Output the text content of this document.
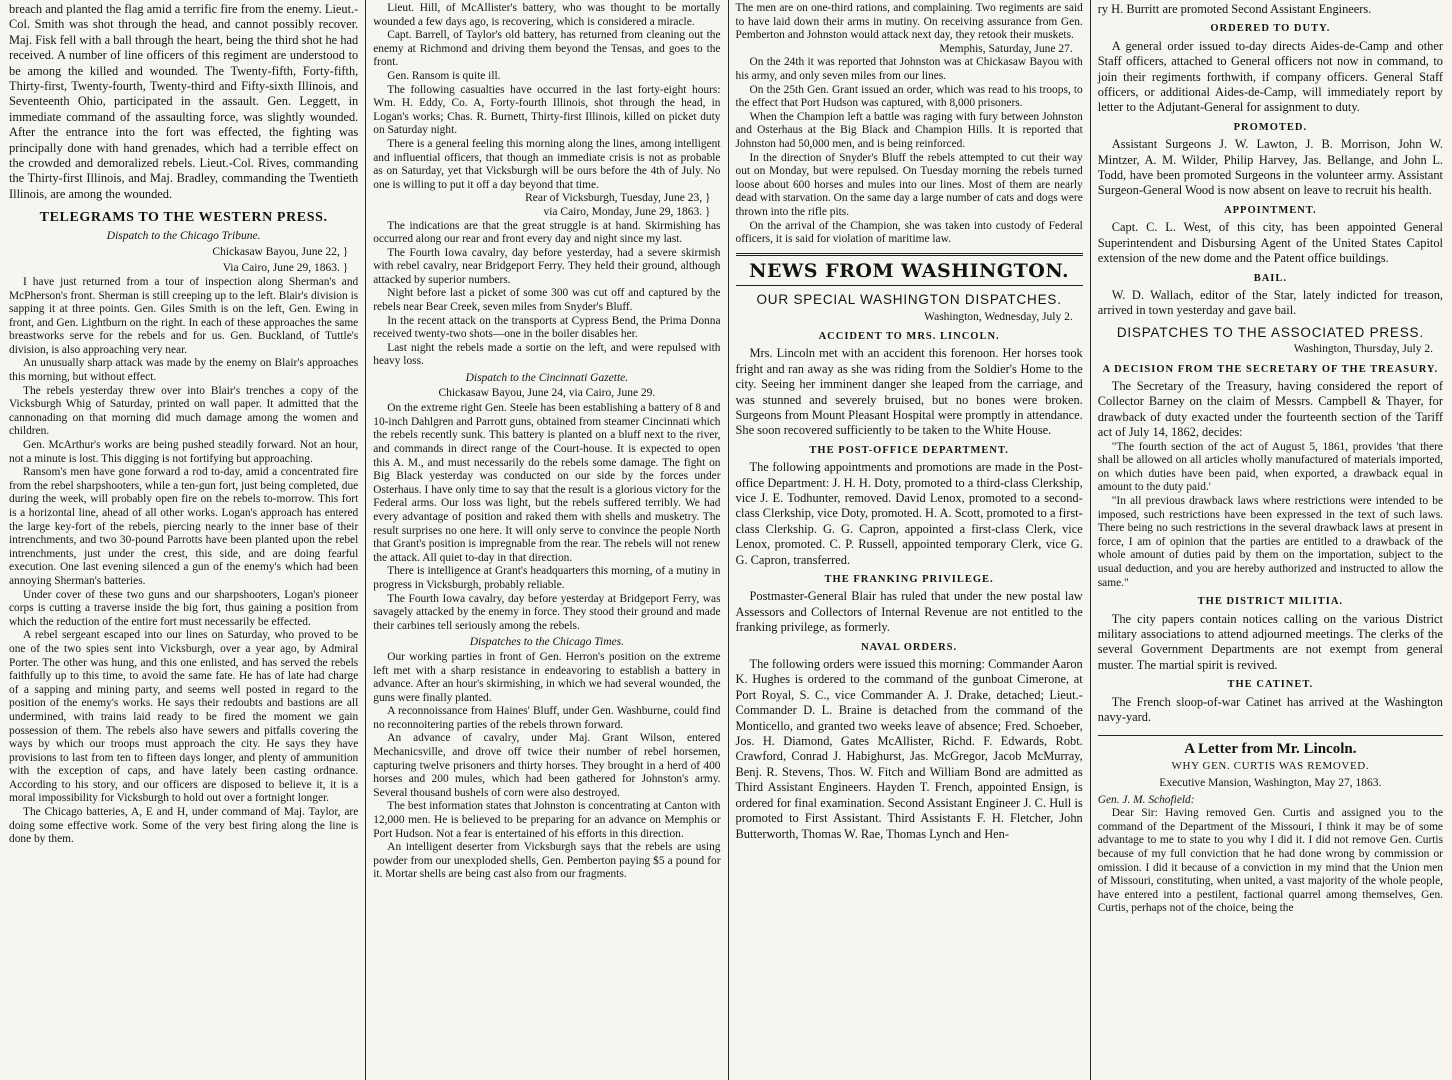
breach and planted the flag amid a terrific fire from the enemy. Lieut.-Col. Smith was shot through the head, and cannot possibly recover. Maj. Fisk fell with a ball through the heart, being the third shot he had received. A number of line officers of this regiment are understood to be among the killed and wounded. The Twenty-fifth, Forty-fifth, Thirty-first, Twenty-fourth, Twenty-third and Fifty-sixth Illinois, and Seventeenth Ohio, participated in the assault. Gen. Leggett, in immediate command of the assaulting force, was slightly wounded. After the entrance into the fort was effected, the fighting was principally done with hand grenades, which had a terrible effect on the crowded and demoralized rebels. Lieut.-Col. Rives, commanding the Thirty-first Illinois, and Maj. Bradley, commanding the Twentieth Illinois, are among the wounded.

TELEGRAMS TO THE WESTERN PRESS.
Dispatch to the Chicago Tribune.
Chickasaw Bayou, June 22, }
Via Cairo, June 29, 1863. }

I have just returned from a tour of inspection along Sherman's and McPherson's front. Sherman is still creeping up to the left. Blair's division is sapping it at three points. Gen. Giles Smith is on the left, Gen. Ewing in front, and Gen. Lightburn on the right. In each of these approaches the same breastworks serve for the rebels and for us. Gen. Buckland, of Tuttle's division, is also approaching very near.

An unusually sharp attack was made by the enemy on Blair's approaches this morning, but without effect.

The rebels yesterday threw over into Blair's trenches a copy of the Vicksburgh Whig of Saturday, printed on wall paper. It admitted that the cannonading on that morning did much damage among the women and children.

Gen. McArthur's works are being pushed steadily forward. Not an hour, not a minute is lost. This digging is not fortifying but approaching.

Ransom's men have gone forward a rod to-day, amid a concentrated fire from the rebel sharpshooters, while a ten-gun fort, just being completed, due during the week, will probably open fire on the rebels to-morrow. This fort is a horizontal line, ahead of all other works. Logan's approach has entered the large key-fort of the rebels, piercing nearly to the inner base of their intrenchments, and two 30-pound Parrotts have been planted upon the rebel intrenchments, just under the crest, this side, and are doing fearful execution. One last evening silenced a gun of the enemy's which had been annoying Sherman's batteries.

Under cover of these two guns and our sharpshooters, Logan's pioneer corps is cutting a traverse inside the big fort, thus gaining a position from which the reduction of the entire fort must necessarily be effected.

A rebel sergeant escaped into our lines on Saturday, who proved to be one of the two spies sent into Vicksburgh, over a year ago, by Admiral Porter. The other was hung, and this one enlisted, and has served the rebels faithfully up to this time, to avoid the same fate. He has of late had charge of a sapping and mining party, and seems well posted in regard to the position of the enemy's works. He says their redoubts and bastions are all undermined, with trains laid ready to be fired the moment we gain possession of them. The rebels also have sewers and pitfalls covering the ways by which our troops must approach the city. He says they have provisions to last from ten to fifteen days longer, and plenty of ammunition with the exception of caps, and have lately been casting ordnance. According to his story, and our officers are disposed to believe it, it is a moral impossibility for Vicksburgh to hold out over a fortnight longer.

The Chicago batteries, A, E and H, under command of Maj. Taylor, are doing some effective work. Some of the very best firing along the line is done by them.

Lieut. Hill, of McAllister's battery, who was thought to be mortally wounded a few days ago, is recovering, which is considered a miracle.

Capt. Barrell, of Taylor's old battery, has returned from cleaning out the enemy at Richmond and driving them beyond the Tensas, and goes to the front.

Gen. Ransom is quite ill.

The following casualties have occurred in the last forty-eight hours: Wm. H. Eddy, Co. A, Forty-fourth Illinois, shot through the head, in Logan's works; Chas. R. Burnett, Thirty-first Illinois, killed on picket duty on Saturday night.

There is a general feeling this morning along the lines, among intelligent and influential officers, that though an immediate crisis is not as probable as on Saturday, yet that Vicksburgh will be ours before the 4th of July. No one is willing to put it off a day beyond that time.

Rear of Vicksburgh, Tuesday, June 23, }
via Cairo, Monday, June 29, 1863. }

The indications are that the great struggle is at hand. Skirmishing has occurred along our rear and front every day and night since my last.

The Fourth Iowa cavalry, day before yesterday, had a severe skirmish with rebel cavalry, near Bridgeport Ferry. They held their ground, although attacked by superior numbers.

Night before last a picket of some 300 was cut off and captured by the rebels near Bear Creek, seven miles from Snyder's Bluff.

In the recent attack on the transports at Cypress Bend, the Prima Donna received twenty-two shots—one in the boiler disables her.

Last night the rebels made a sortie on the left, and were repulsed with heavy loss.

Dispatch to the Cincinnati Gazette.
Chickasaw Bayou, June 24, via Cairo, June 29.

On the extreme right Gen. Steele has been establishing a battery of 8 and 10-inch Dahlgren and Parrott guns, obtained from steamer Cincinnati which the rebels recently sunk. This battery is planted on a bluff next to the river, and commands in direct range of the Court-house. It is expected to open this A. M., and must necessarily do the rebels some damage. The fight on Big Black yesterday was conducted on our side by the forces under Osterhaus. I have only time to say that the result is a glorious victory for the Federal arms. Our loss was light, but the rebels suffered terribly. We had every advantage of position and raked them with shells and musketry. The result surprises no one here. It will only serve to convince the people North that Grant's position is impregnable from the rear. The rebels will not renew the attack. All quiet to-day in that direction.

There is intelligence at Grant's headquarters this morning, of a mutiny in progress in Vicksburgh, probably reliable.

The Fourth Iowa cavalry, day before yesterday at Bridgeport Ferry, was savagely attacked by the enemy in force. They stood their ground and made their carbines tell seriously among the rebels.

Dispatches to the Chicago Times.

Our working parties in front of Gen. Herron's position on the extreme left met with a sharp resistance in endeavoring to establish a battery in advance. After an hour's skirmishing, in which we had several wounded, the guns were finally planted.

A reconnoissance from Haines' Bluff, under Gen. Washburne, could find no reconnoitering parties of the rebels thrown forward.

An advance of cavalry, under Maj. Grant Wilson, entered Mechanicsville, and drove off twice their number of rebel horsemen, capturing twelve prisoners and thirty horses. They brought in a herd of 400 horses and 200 mules, which had been gathered for Johnston's army. Several thousand bushels of corn were also destroyed.

The best information states that Johnston is concentrating at Canton with 12,000 men. He is believed to be preparing for an advance on Memphis or Port Hudson. Not a fear is entertained of his efforts in this direction.

An intelligent deserter from Vicksburgh says that the rebels are using powder from our unexploded shells, Gen. Pemberton paying $5 a pound for it. Mortar shells are being cast also from our fragments.

The men are on one-third rations, and complaining. Two regiments are said to have laid down their arms in mutiny. On receiving assurance from Gen. Pemberton and Johnston would attack next day, they retook their muskets.

Memphis, Saturday, June 27.

On the 24th it was reported that Johnston was at Chickasaw Bayou with his army, and only seven miles from our lines.

On the 25th Gen. Grant issued an order, which was read to his troops, to the effect that Port Hudson was captured, with 8,000 prisoners.

When the Champion left a battle was raging with fury between Johnston and Osterhaus at the Big Black and Champion Hills. It is reported that Johnston had 50,000 men, and is being reinforced.

In the direction of Snyder's Bluff the rebels attempted to cut their way out on Monday, but were repulsed. On Tuesday morning the rebels turned loose about 600 horses and mules into our lines. Most of them are nearly dead with starvation. On the same day a large number of cats and dogs were thrown into the rifle pits.

On the arrival of the Champion, she was taken into custody of Federal officers, it is said for violation of maritime law.

NEWS FROM WASHINGTON.
OUR SPECIAL WASHINGTON DISPATCHES.
Washington, Wednesday, July 2.
ACCIDENT TO MRS. LINCOLN.

Mrs. Lincoln met with an accident this forenoon. Her horses took fright and ran away as she was riding from the Soldier's Home to the city. Seeing her imminent danger she leaped from the carriage, and was stunned and severely bruised, but no bones were broken. Surgeons from Mount Pleasant Hospital were promptly in attendance. She soon recovered sufficiently to be taken to the White House.

THE POST-OFFICE DEPARTMENT.

The following appointments and promotions are made in the Post-office Department: J. H. H. Doty, promoted to a third-class Clerkship, vice J. E. Todhunter, removed. David Lenox, promoted to a second-class Clerkship, vice Doty, promoted. H. A. Scott, promoted to a first-class Clerkship. G. G. Capron, appointed a first-class Clerk, vice Lenox, promoted. C. P. Russell, appointed temporary Clerk, vice G. G. Capron, transferred.

THE FRANKING PRIVILEGE.

Postmaster-General Blair has ruled that under the new postal law Assessors and Collectors of Internal Revenue are not entitled to the franking privilege, as formerly.

NAVAL ORDERS.

The following orders were issued this morning: Commander Aaron K. Hughes is ordered to the command of the gunboat Cimerone, at Port Royal, S. C., vice Commander A. J. Drake, detached; Lieut.-Commander D. L. Braine is detached from the command of the Monticello, and granted two weeks leave of absence; Fred. Schoeber, Jos. H. Diamond, Gates McAllister, Richd. F. Edwards, Robt. Crawford, Conrad J. Habighurst, Jas. McGregor, Jacob McMurray, Benj. R. Stevens, Thos. W. Fitch and William Bond are admitted as Third Assistant Engineers. Hayden T. French, appointed Ensign, is ordered for final examination. Second Assistant Engineer J. C. Hull is promoted to First Assistant. Third Assistants F. H. Fletcher, John Butterworth, Thomas W. Rae, Thomas Lynch and Hen-

ry H. Burritt are promoted Second Assistant Engineers.

ORDERED TO DUTY.

A general order issued to-day directs Aides-de-Camp and other Staff officers, attached to General officers not now in command, to join their regiments forthwith, if company officers. General Staff officers, or additional Aides-de-Camp, will immediately report by letter to the Adjutant-General for assignment to duty.

PROMOTED.

Assistant Surgeons J. W. Lawton, J. B. Morrison, John W. Mintzer, A. M. Wilder, Philip Harvey, Jas. Bellange, and John L. Todd, have been promoted Surgeons in the volunteer army. Assistant Surgeon-General Wood is now absent on leave to recruit his health.

APPOINTMENT.

Capt. C. L. West, of this city, has been appointed General Superintendent and Disbursing Agent of the United States Capitol extension of the new dome and the Patent office buildings.

BAIL.

W. D. Wallach, editor of the Star, lately indicted for treason, arrived in town yesterday and gave bail.

DISPATCHES TO THE ASSOCIATED PRESS.
Washington, Thursday, July 2.
A DECISION FROM THE SECRETARY OF THE TREASURY.

The Secretary of the Treasury, having considered the report of Collector Barney on the claim of Messrs. Campbell & Thayer, for drawback of duty exacted under the fourteenth section of the Tariff act of July 14, 1862, decides:

"The fourth section of the act of August 5, 1861, provides 'that there shall be allowed on all articles wholly manufactured of materials imported, on which duties have been paid, when exported, a drawback equal in amount to the duty paid.'

"In all previous drawback laws where restrictions were intended to be imposed, such restrictions have been expressed in the text of such laws. There being no such restrictions in the several drawback laws at present in force, I am of opinion that the parties are entitled to a drawback of the whole amount of duties paid by them on the importation, subject to the usual deduction, and you are hereby authorized and instructed to allow the same."

THE DISTRICT MILITIA.

The city papers contain notices calling on the various District military associations to attend adjourned meetings. The clerks of the several Government Departments are not exempt from general muster. The martial spirit is revived.

THE CATINET.

The French sloop-of-war Catinet has arrived at the Washington navy-yard.

A Letter from Mr. Lincoln.
WHY GEN. CURTIS WAS REMOVED.
Executive Mansion, Washington, May 27, 1863.

Gen. J. M. Schofield:

Dear Sir: Having removed Gen. Curtis and assigned you to the command of the Department of the Missouri, I think it may be of some advantage to me to state to you why I did it. I did not remove Gen. Curtis because of my full conviction that he had done wrong by commission or omission. I did it because of a conviction in my mind that the Union men of Missouri, constituting, when united, a vast majority of the whole people, have entered into a pestilent, factional quarrel among themselves, Gen. Curtis, perhaps not of the choice, being the
